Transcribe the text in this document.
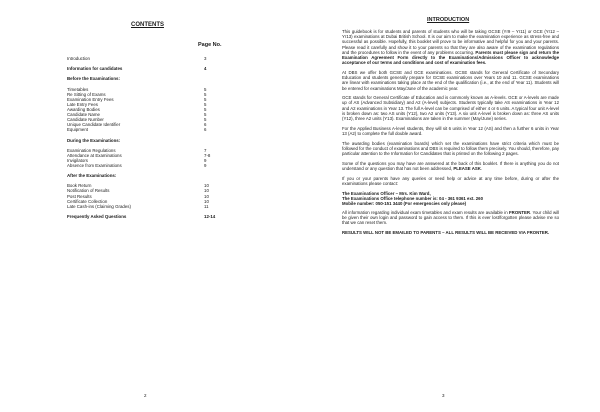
CONTENTS
Page No.
Introduction	3
Information for candidates	4
Before the Examinations:
Timetables	5
Re Sitting of Exams	5
Examination Entry Fees	5
Late Entry Fees	5
Awarding Bodies	5
Candidate Name	5
Candidate Number	5
Unique Candidate Identifier	6
Equipment	6
During the Examinations:
Examination Regulations	7
Attendance at Examinations	7-8
Invigilators	9
Absence from Examinations	9
After the Examinations:
Book Return	10
Notification of Results	10
Post Results	10
Certificate Collection	10
Late Cash-ins (Claiming Grades)	11
Frequently Asked Questions	12-14
2
INTRODUCTION

This guidebook is for students and parents of students who will be taking GCSE (Yr9 – Yr11) or GCE (Yr12 – Yr13) examinations at Dubai British School. It is our aim to make the examination experience as stress-free and successful as possible. Hopefully, this booklet will prove to be informative and helpful for you and your parents. Please read it carefully and show it to your parents so that they are also aware of the examination regulations and the procedures to follow in the event of any problems occurring. Parents must please sign and return the Examination Agreement Form directly to the Examinations/Admissions Officer to acknowledge acceptance of our terms and conditions and cost of examination fees.

At DBS we offer both GCSE and GCE examinations. GCSE stands for General Certificate of Secondary Education and students generally prepare for GCSE examinations over Years 10 and 11. GCSE examinations are linear with examinations taking place at the end of the qualification (i.e., at the end of Year 11). Students will be entered for examinations May/June of the academic year.

GCE stands for General Certificate of Education and is commonly known as A-levels. GCE or A-levels are made up of AS (Advanced Subsidiary) and A2 (A-level) subjects. Students typically take AS examinations in Year 12 and A2 examinations in Year 13. The full A-level can be comprised of either 4 or 6 units. A typical four unit A-level is broken down as: two AS units (Y12), two A2 units (Y13). A six unit A-level is broken down as: three AS units (Y12), three A2 units (Y13). Examinations are taken in the summer (May/June) series.

For the Applied Business A-level students, they will sit 6 units in Year 12 (AS) and then a further 6 units in Year 13 (A2) to complete the full double award.

The awarding bodies (examination boards) which set the examinations have strict criteria which must be followed for the conduct of examinations and DBS is required to follow them precisely. You should, therefore, pay particular attention to the Information for Candidates that is printed on the following 2 pages.

Some of the questions you may have are answered at the back of this booklet. If there is anything you do not understand or any question that has not been addressed, PLEASE ASK.

If you or your parents have any queries or need help or advice at any time before, during or after the examinations please contact:

The Examinations Officer – Mrs. Kim Ward,
The Examinations Office telephone number is: 04 - 361 9361 ext. 260
Mobile number: 050-151 3440 (For emergencies only please)

All information regarding individual exam timetables and exam results are available in FRONTER. Your child will be given their own login and password to gain access to them. If this is ever lost/forgotten please advise me so that we can reset them.

RESULTS WILL NOT BE EMAILED TO PARENTS – ALL RESULTS WILL BE RECEIVED VIA FRONTER.

3
